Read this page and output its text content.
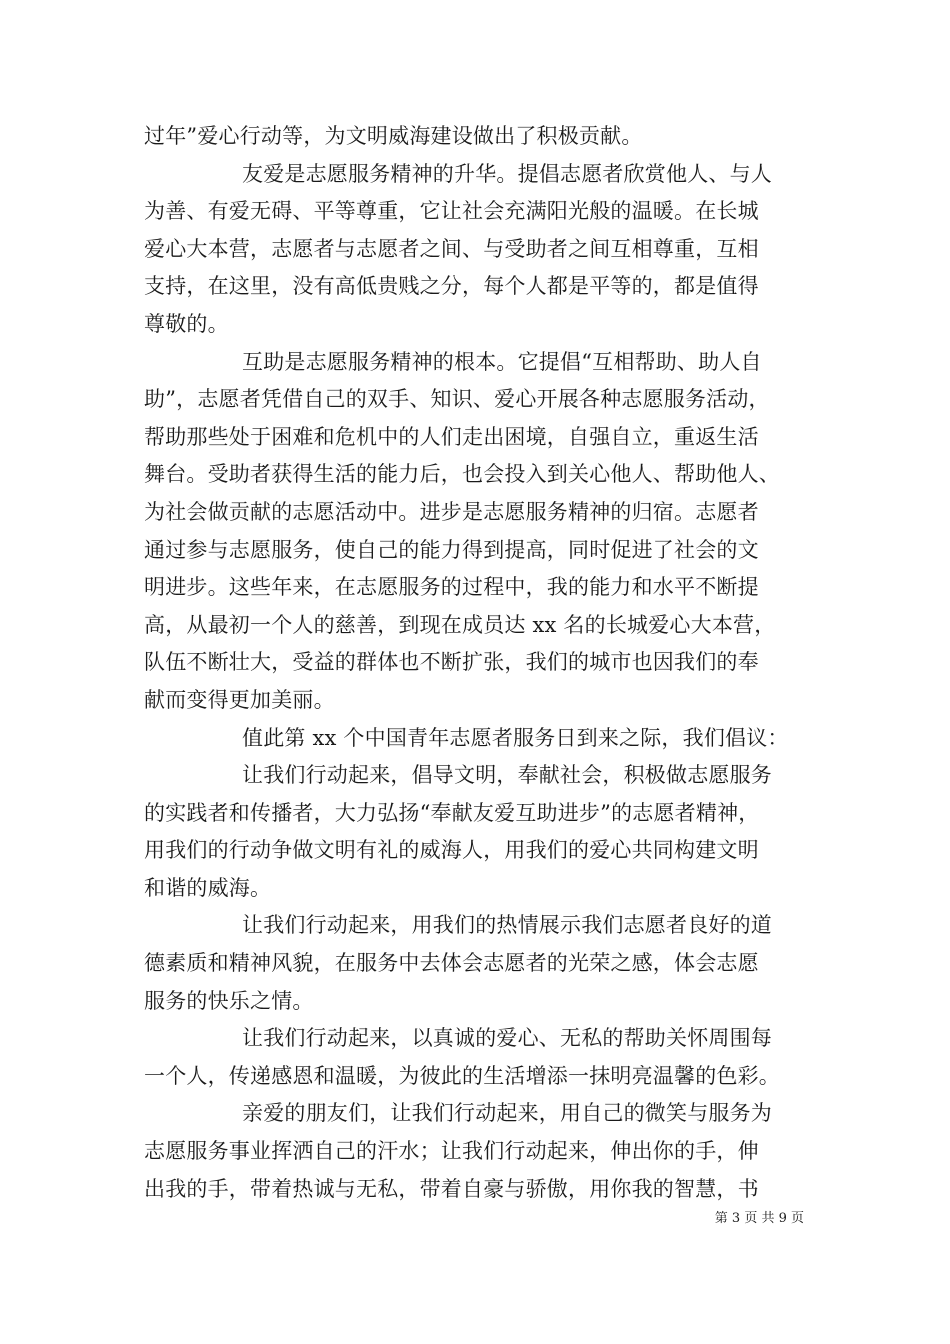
过年”爱心行动等，为文明威海建设做出了积极贡献。
友爱是志愿服务精神的升华。提倡志愿者欣赏他人、与人
为善、有爱无碍、平等尊重，它让社会充满阳光般的温暖。在长城
爱心大本营，志愿者与志愿者之间、与受助者之间互相尊重，互相
支持，在这里，没有高低贵贱之分，每个人都是平等的，都是值得
尊敬的。
互助是志愿服务精神的根本。它提倡“互相帮助、助人自
助”，志愿者凭借自己的双手、知识、爱心开展各种志愿服务活动，
帮助那些处于困难和危机中的人们走出困境，自强自立，重返生活
舞台。受助者获得生活的能力后，也会投入到关心他人、帮助他人、
为社会做贡献的志愿活动中。进步是志愿服务精神的归宿。志愿者
通过参与志愿服务，使自己的能力得到提高，同时促进了社会的文
明进步。这些年来，在志愿服务的过程中，我的能力和水平不断提
高，从最初一个人的慈善，到现在成员达 xx 名的长城爱心大本营，
队伍不断壮大，受益的群体也不断扩张，我们的城市也因我们的奉
献而变得更加美丽。
值此第 xx 个中国青年志愿者服务日到来之际，我们倡议：
让我们行动起来，倡导文明，奉献社会，积极做志愿服务
的实践者和传播者，大力弘扬“奉献友爱互助进步”的志愿者精神，
用我们的行动争做文明有礼的威海人，用我们的爱心共同构建文明
和谐的威海。
让我们行动起来，用我们的热情展示我们志愿者良好的道
德素质和精神风貌，在服务中去体会志愿者的光荣之感，体会志愿
服务的快乐之情。
让我们行动起来，以真诚的爱心、无私的帮助关怀周围每
一个人，传递感恩和温暖，为彼此的生活增添一抹明亮温馨的色彩。
亲爱的朋友们，让我们行动起来，用自己的微笑与服务为
志愿服务事业挥洒自己的汗水；让我们行动起来，伸出你的手，伸
出我的手，带着热诚与无私，带着自豪与骄傲，用你我的智慧，书
第 3 页 共 9 页
